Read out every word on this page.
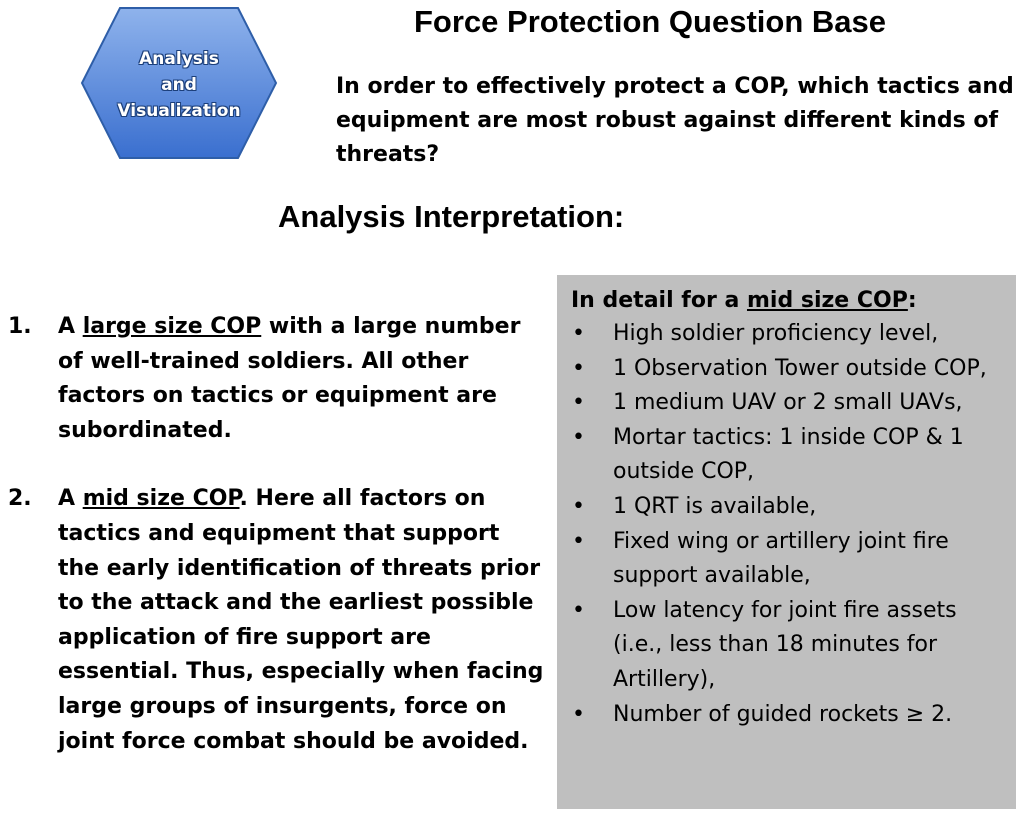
Analysis
and
Visualization
Force Protection Question Base

In order to effectively protect a COP, which tactics and equipment are most robust against different kinds of threats?

Analysis Interpretation:
1. A large size COP with a large number of well-trained soldiers. All other factors on tactics or equipment are subordinated.
2. A mid size COP. Here all factors on tactics and equipment that support the early identification of threats prior to the attack and the earliest possible application of fire support are essential. Thus, especially when facing large groups of insurgents, force on joint force combat should be avoided.

In detail for a mid size COP:

• High soldier proficiency level,
• 1 Observation Tower outside COP,
• 1 medium UAV or 2 small UAVs,
• Mortar tactics: 1 inside COP & 1 outside COP,
• 1 QRT is available,
• Fixed wing or artillery joint fire support available,
• Low latency for joint fire assets (i.e., less than 18 minutes for Artillery),
• Number of guided rockets ≥ 2.
